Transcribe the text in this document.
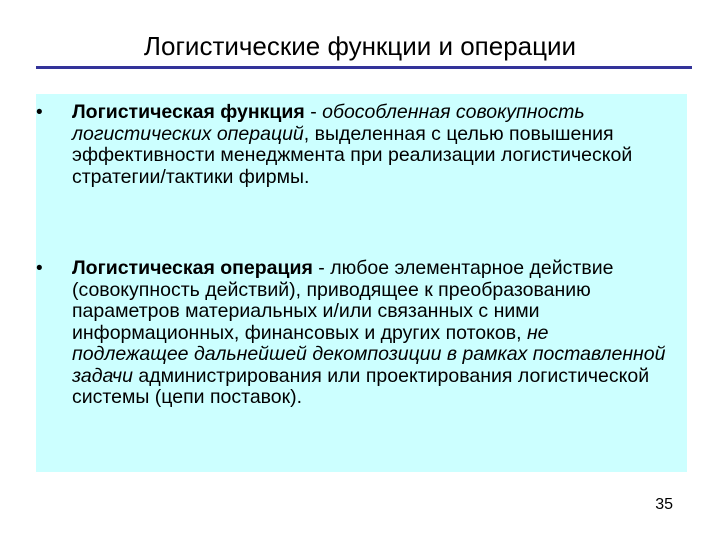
Логистические функции и операции
•	Логистическая функция - обособленная совокупность логистических операций, выделенная с целью повышения эффективности менеджмента при реализации логистической стратегии/тактики фирмы.
•	Логистическая операция - любое элементарное действие (совокупность действий), приводящее к преобразованию параметров материальных и/или связанных с ними информационных, финансовых и других потоков, не подлежащее дальнейшей декомпозиции в рамках поставленной задачи администрирования или проектирования логистической системы (цепи поставок).
35
